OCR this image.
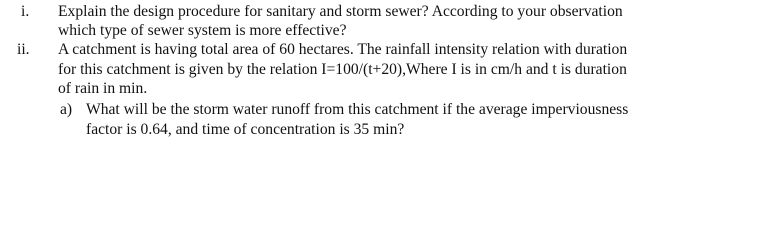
i. Explain the design procedure for sanitary and storm sewer? According to your observation
which type of sewer system is more effective?
ii. A catchment is having total area of 60 hectares. The rainfall intensity relation with duration
for this catchment is given by the relation I=100/(t+20),Where I is in cm/h and t is duration
of rain in min.
a) What will be the storm water runoff from this catchment if the average imperviousness
factor is 0.64, and time of concentration is 35 min?
